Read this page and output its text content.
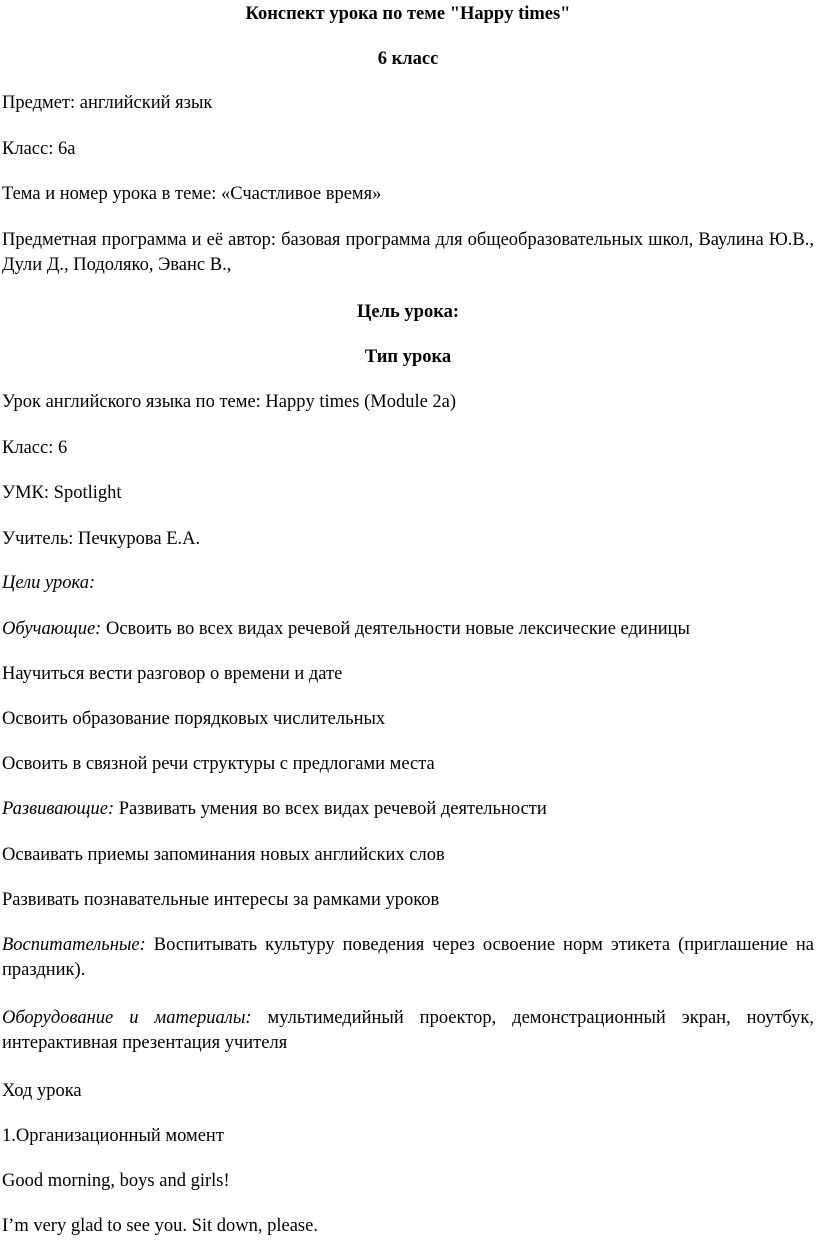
Конспект урока по теме "Happy times"
6 класс
Предмет: английский язык
Класс: 6а
Тема и номер урока в теме: «Счастливое время»
Предметная программа и её автор: базовая программа для общеобразовательных школ, Ваулина Ю.В., Дули Д., Подоляко, Эванс В.,
Цель урока:
Тип урока
Урок английского языка по теме: Happy times (Module 2a)
Класс: 6
УМК: Spotlight
Учитель: Печкурова Е.А.
Цели урока:
Обучающие: Освоить во всех видах речевой деятельности новые лексические единицы
Научиться вести разговор о времени и дате
Освоить образование порядковых числительных
Освоить в связной речи структуры с предлогами места
Развивающие: Развивать умения во всех видах речевой деятельности
Осваивать приемы запоминания новых английских слов
Развивать познавательные интересы за рамками уроков
Воспитательные: Воспитывать культуру поведения через освоение норм этикета (приглашение на праздник).
Оборудование и материалы: мультимедийный проектор, демонстрационный экран, ноутбук, интерактивная презентация учителя
Ход урока
1.Организационный момент
Good morning, boys and girls!
I’m very glad to see you. Sit down, please.
